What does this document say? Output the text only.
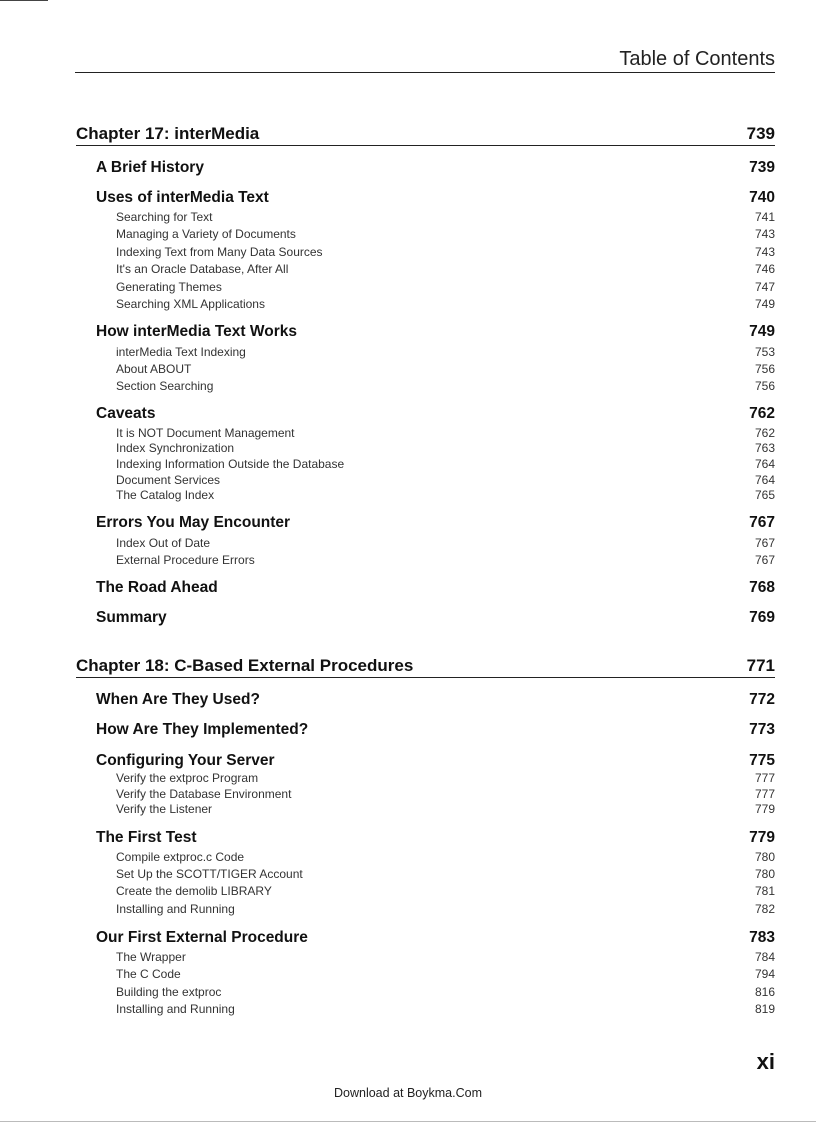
Table of Contents
Chapter 17: interMedia	739
A Brief History	739
Uses of interMedia Text	740
Searching for Text	741
Managing a Variety of Documents	743
Indexing Text from Many Data Sources	743
It's an Oracle Database, After All	746
Generating Themes	747
Searching XML Applications	749
How interMedia Text Works	749
interMedia Text Indexing	753
About ABOUT	756
Section Searching	756
Caveats	762
It is NOT Document Management	762
Index Synchronization	763
Indexing Information Outside the Database	764
Document Services	764
The Catalog Index	765
Errors You May Encounter	767
Index Out of Date	767
External Procedure Errors	767
The Road Ahead	768
Summary	769
Chapter 18: C-Based External Procedures	771
When Are They Used?	772
How Are They Implemented?	773
Configuring Your Server	775
Verify the extproc Program	777
Verify the Database Environment	777
Verify the Listener	779
The First Test	779
Compile extproc.c Code	780
Set Up the SCOTT/TIGER Account	780
Create the demolib LIBRARY	781
Installing and Running	782
Our First External Procedure	783
The Wrapper	784
The C Code	794
Building the extproc	816
Installing and Running	819
xi
Download at Boykma.Com
